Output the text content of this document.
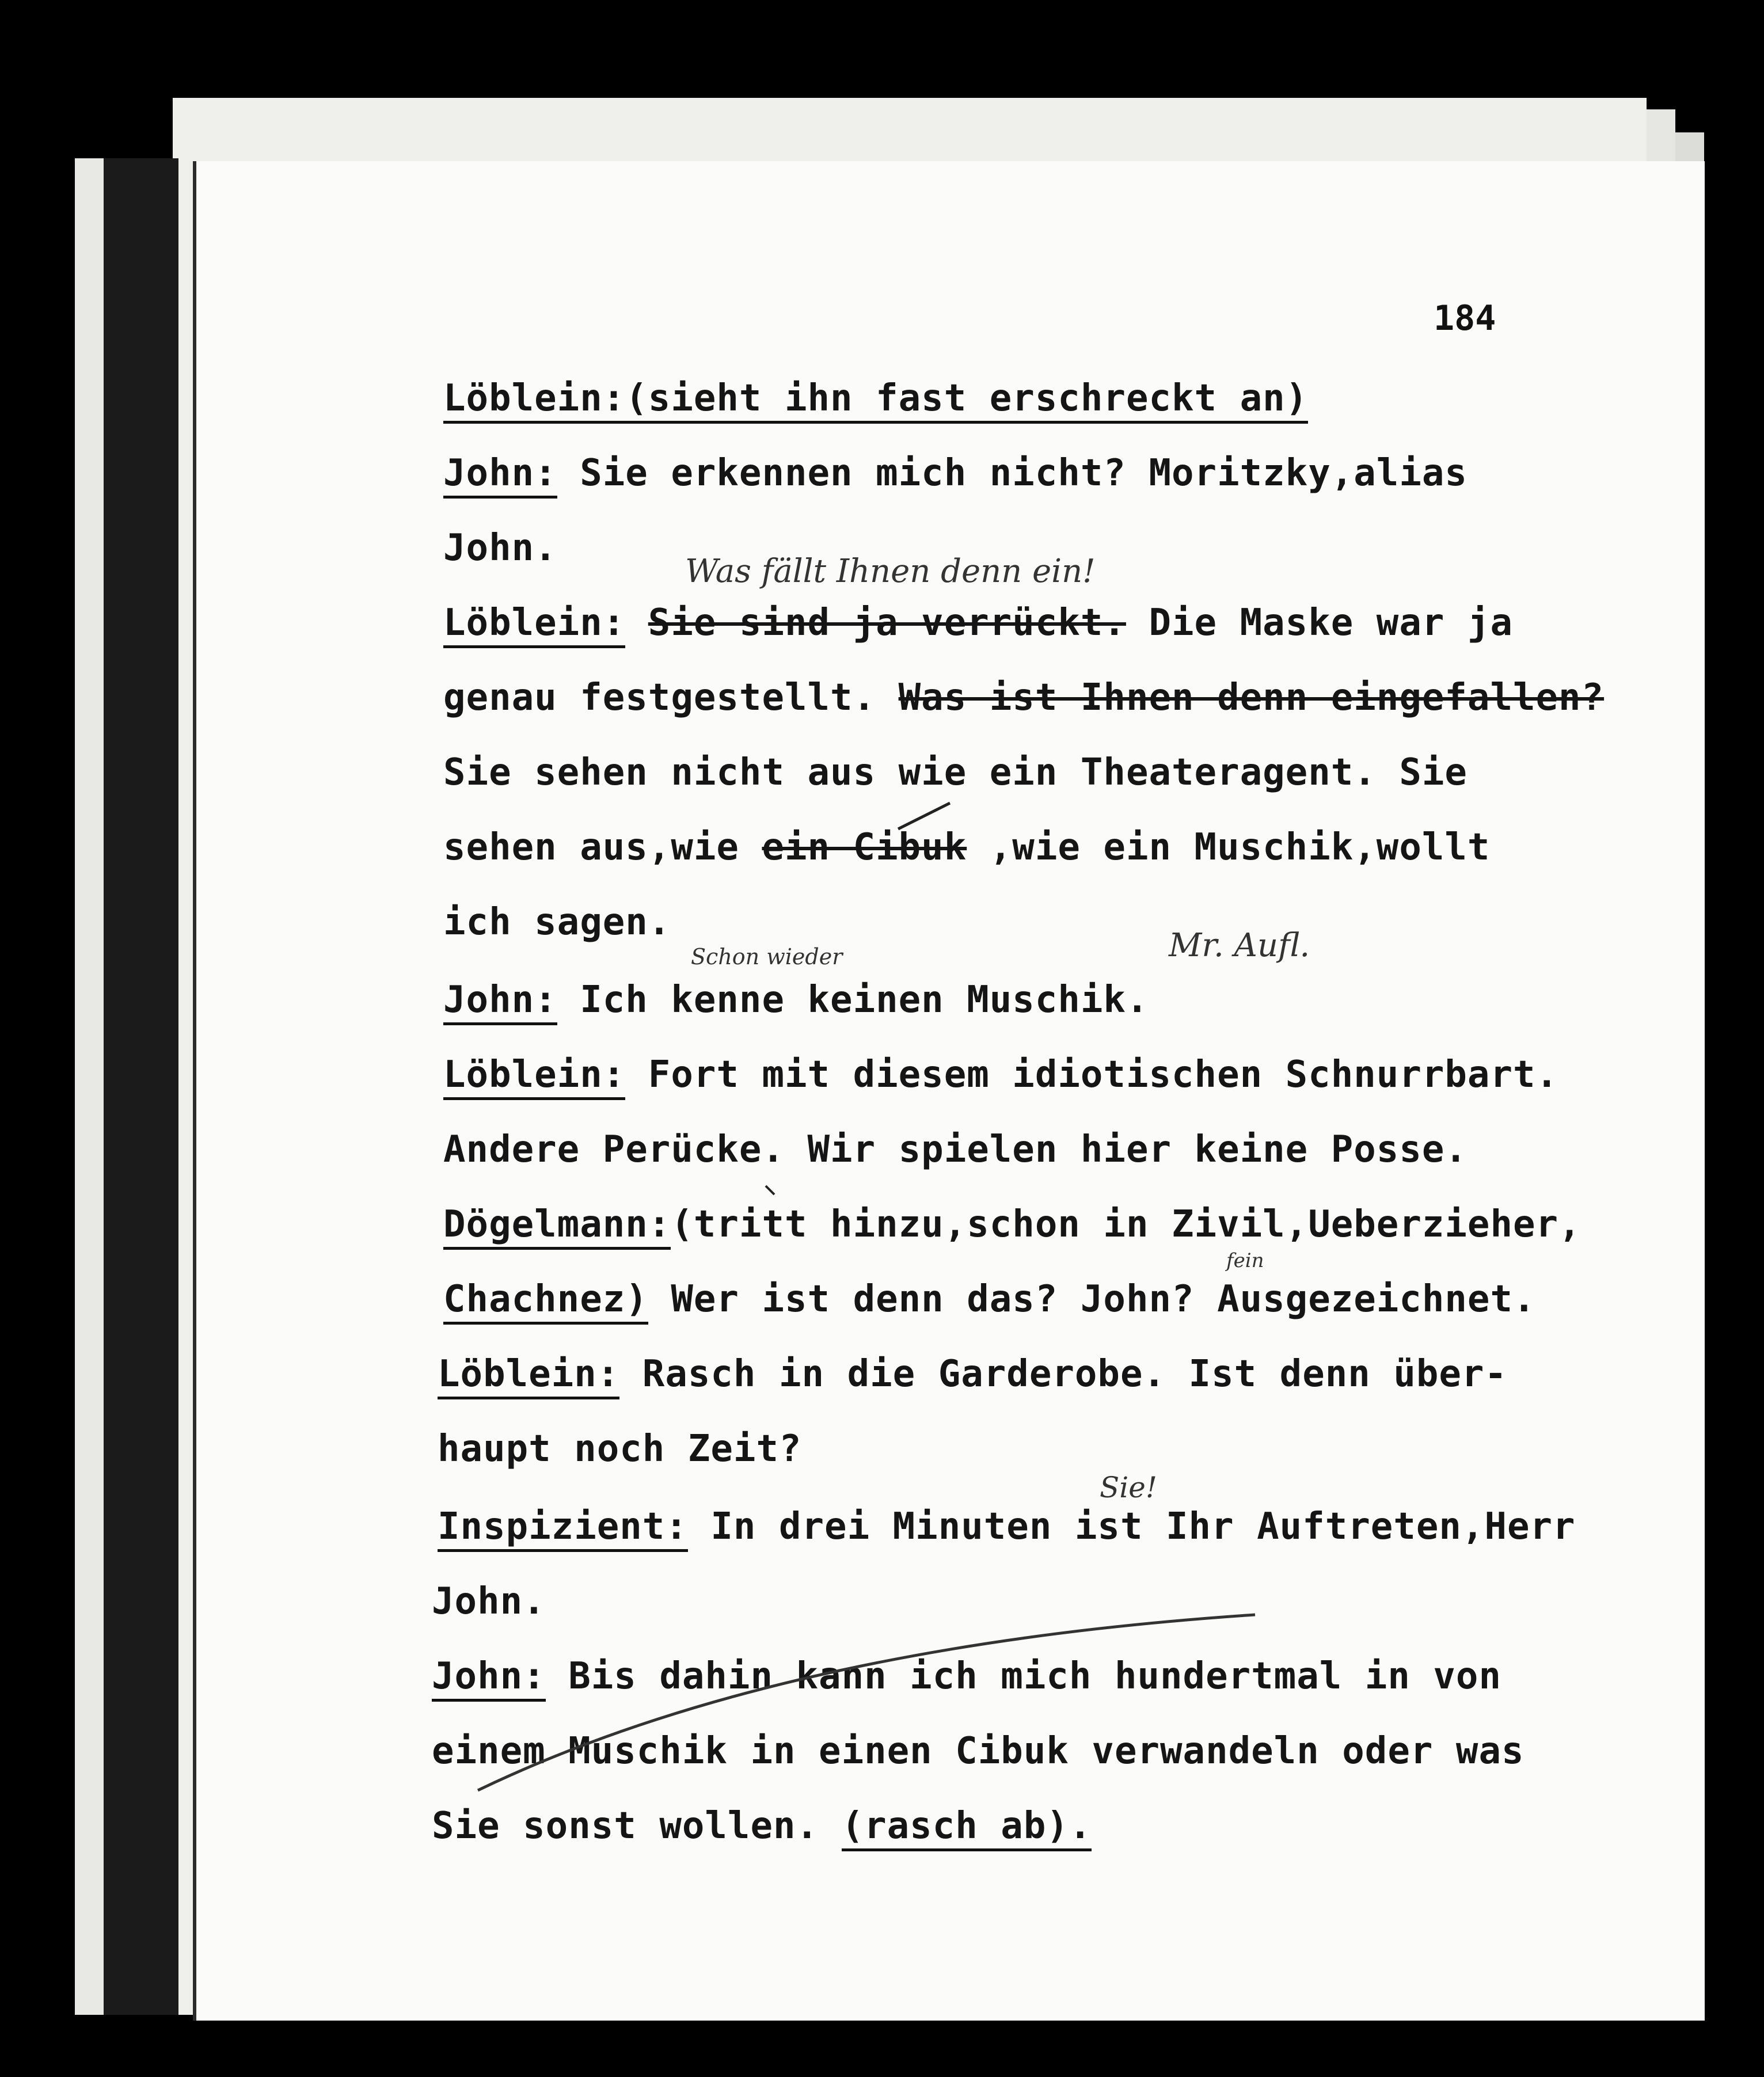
184
Löblein:(sieht ihn fast erschreckt an)
John: Sie erkennen mich nicht? Moritzky,alias
John.
Löblein: Sie sind ja verrückt. Die Maske war ja
genau festgestellt. Was ist Ihnen denn eingefallen?
Sie sehen nicht aus wie ein Theateragent. Sie
sehen aus,wie ein Cibuk ,wie ein Muschik,wollt
ich sagen.
John: Ich kenne keinen Muschik.
Löblein: Fort mit diesem idiotischen Schnurrbart.
Andere Perücke. Wir spielen hier keine Posse.
Dögelmann:(tritt hinzu,schon in Zivil,Ueberzieher,
Chachnez) Wer ist denn das? John? Ausgezeichnet.
Löblein: Rasch in die Garderobe. Ist denn über-
haupt noch Zeit?
Inspizient: In drei Minuten ist Ihr Auftreten,Herr
John.
John: Bis dahin kann ich mich hundertmal in von
einem Muschik in einen Cibuk verwandeln oder was
Sie sonst wollen. (rasch ab).
Was fällt Ihnen denn ein!
Schon wieder	Mr. Aufl.
fein
Sie!
